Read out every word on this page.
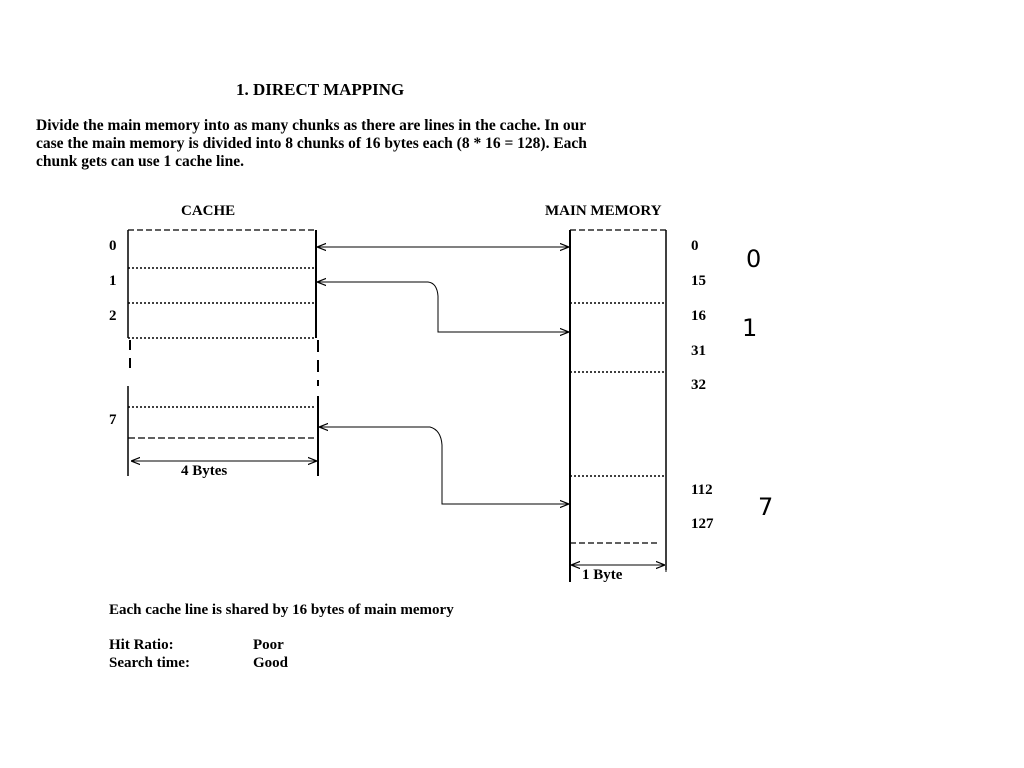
1. DIRECT MAPPING
Divide the main memory into as many chunks as there are lines in the cache. In our
case the main memory is divided into 8 chunks of 16 bytes each (8 * 16 = 128). Each
chunk gets can use 1 cache line.
CACHE	MAIN MEMORY
0
1
2
7
0
15
16
31
32
112
127
0
1
7
4 Bytes
1 Byte
Each cache line is shared by 16 bytes of main memory
Hit Ratio:	Poor
Search time:	Good
